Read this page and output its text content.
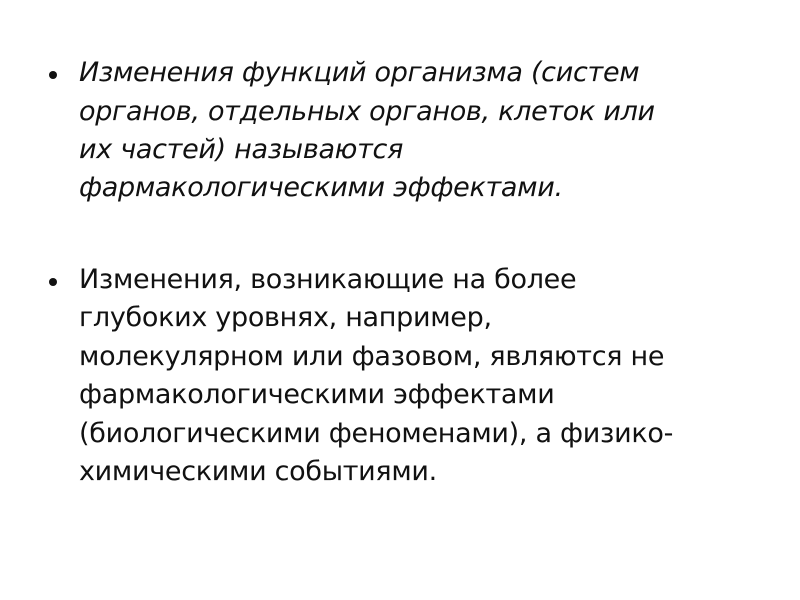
Изменения функций организма (систем
органов, отдельных органов, клеток или
их частей) называются
фармакологическими эффектами.
Изменения, возникающие на более
глубоких уровнях, например,
молекулярном или фазовом, являются не
фармакологическими эффектами
(биологическими феноменами), а физико-
химическими событиями.
